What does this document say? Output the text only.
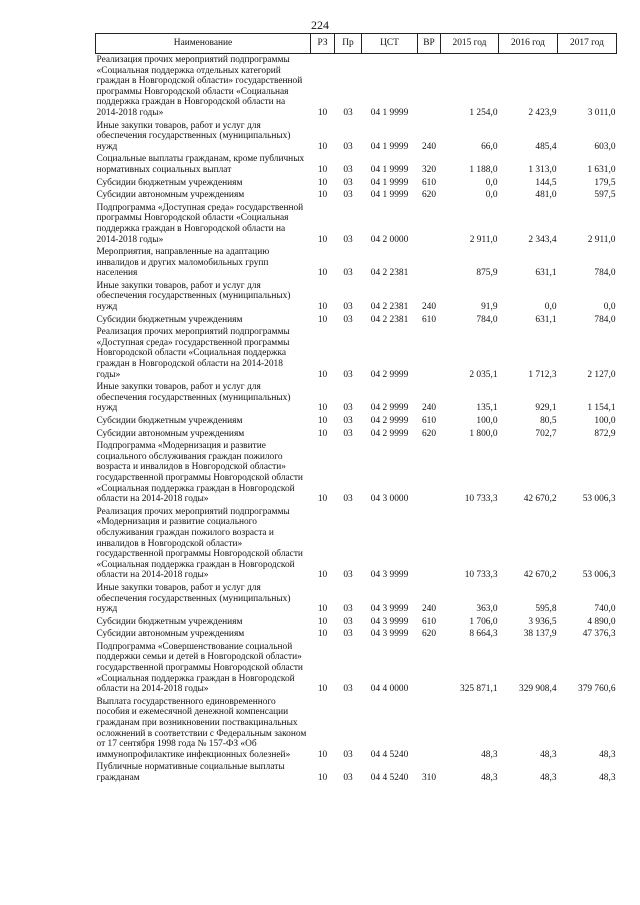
224
Наименование	РЗ	Пр	ЦСТ	ВР	2015 год	2016 год	2017 год
Реализация прочих мероприятий подпрограммы «Социальная поддержка отдельных категорий граждан в Новгородской области» государственной программы Новгородской области «Социальная поддержка граждан в Новгородской области на 2014-2018 годы»	10	03	04 1 9999		1 254,0	2 423,9	3 011,0
Иные закупки товаров, работ и услуг для обеспечения государственных (муниципальных) нужд	10	03	04 1 9999	240	66,0	485,4	603,0
Социальные выплаты гражданам, кроме публичных нормативных социальных выплат	10	03	04 1 9999	320	1 188,0	1 313,0	1 631,0
Субсидии бюджетным учреждениям	10	03	04 1 9999	610	0,0	144,5	179,5
Субсидии автономным учреждениям	10	03	04 1 9999	620	0,0	481,0	597,5
Подпрограмма «Доступная среда» государственной программы Новгородской области «Социальная поддержка граждан в Новгородской области на 2014-2018 годы»	10	03	04 2 0000		2 911,0	2 343,4	2 911,0
Мероприятия, направленные на адаптацию инвалидов и других маломобильных групп населения	10	03	04 2 2381		875,9	631,1	784,0
Иные закупки товаров, работ и услуг для обеспечения государственных (муниципальных) нужд	10	03	04 2 2381	240	91,9	0,0	0,0
Субсидии бюджетным учреждениям	10	03	04 2 2381	610	784,0	631,1	784,0
Реализация прочих мероприятий подпрограммы «Доступная среда» государственной программы Новгородской области «Социальная поддержка граждан в Новгородской области на 2014-2018 годы»	10	03	04 2 9999		2 035,1	1 712,3	2 127,0
Иные закупки товаров, работ и услуг для обеспечения государственных (муниципальных) нужд	10	03	04 2 9999	240	135,1	929,1	1 154,1
Субсидии бюджетным учреждениям	10	03	04 2 9999	610	100,0	80,5	100,0
Субсидии автономным учреждениям	10	03	04 2 9999	620	1 800,0	702,7	872,9
Подпрограмма «Модернизация и развитие социального обслуживания граждан пожилого возраста и инвалидов в Новгородской области» государственной программы Новгородской области «Социальная поддержка граждан в Новгородской области на 2014-2018 годы»	10	03	04 3 0000		10 733,3	42 670,2	53 006,3
Реализация прочих мероприятий подпрограммы «Модернизация и развитие социального обслуживания граждан пожилого возраста и инвалидов в Новгородской области» государственной программы Новгородской области «Социальная поддержка граждан в Новгородской области на 2014-2018 годы»	10	03	04 3 9999		10 733,3	42 670,2	53 006,3
Иные закупки товаров, работ и услуг для обеспечения государственных (муниципальных) нужд	10	03	04 3 9999	240	363,0	595,8	740,0
Субсидии бюджетным учреждениям	10	03	04 3 9999	610	1 706,0	3 936,5	4 890,0
Субсидии автономным учреждениям	10	03	04 3 9999	620	8 664,3	38 137,9	47 376,3
Подпрограмма «Совершенствование социальной поддержки семьи и детей в Новгородской области» государственной программы Новгородской области «Социальная поддержка граждан в Новгородской области на 2014-2018 годы»	10	03	04 4 0000		325 871,1	329 908,4	379 760,6
Выплата государственного единовременного пособия и ежемесячной денежной компенсации гражданам при возникновении поствакцинальных осложнений в соответствии с Федеральным законом от 17 сентября 1998 года № 157-ФЗ «Об иммунопрофилактике инфекционных болезней»	10	03	04 4 5240		48,3	48,3	48,3
Публичные нормативные социальные выплаты гражданам	10	03	04 4 5240	310	48,3	48,3	48,3
